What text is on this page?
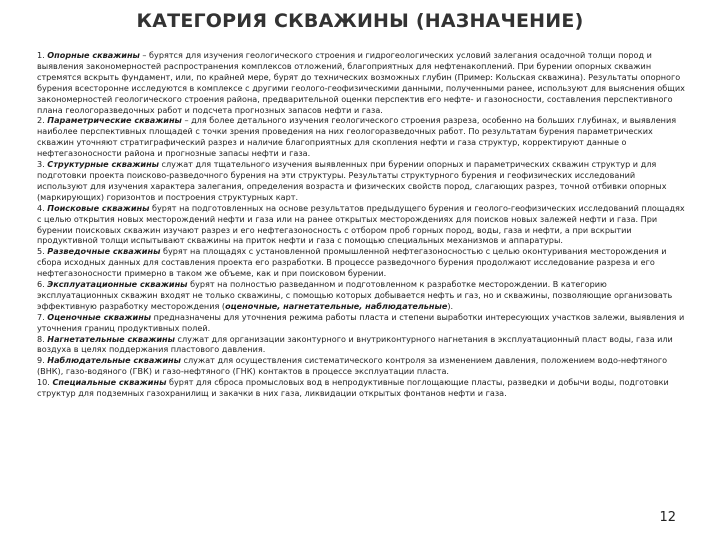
КАТЕГОРИЯ СКВАЖИНЫ (НАЗНАЧЕНИЕ)

1. Опорные скважины – бурятся для изучения геологического строения и гидрогеологических условий залегания осадочной толщи пород и выявления закономерностей распространения комплексов отложений, благоприятных для нефтенакоплений. При бурении опорных скважин стремятся вскрыть фундамент, или, по крайней мере, бурят до технических возможных глубин (Пример: Кольская скважина). Результаты опорного бурения всесторонне исследуются в комплексе с другими геолого-геофизическими данными, полученными ранее, используют для выяснения общих закономерностей геологического строения района, предварительной оценки перспектив его нефте- и газоносности, составления перспективного плана геологоразведочных работ и подсчета прогнозных запасов нефти и газа.

2. Параметрические скважины – для более детального изучения геологического строения разреза, особенно на больших глубинах, и выявления наиболее перспективных площадей с точки зрения проведения на них геологоразведочных работ. По результатам бурения параметрических скважин уточняют стратиграфический разрез и наличие благоприятных для скопления нефти и газа структур, корректируют данные о нефтегазоносности района и прогнозные запасы нефти и газа.

3. Структурные скважины служат для тщательного изучения выявленных при бурении опорных и параметрических скважин структур и для подготовки проекта поисково-разведочного бурения на эти структуры. Результаты структурного бурения и геофизических исследований используют для изучения характера залегания, определения возраста и физических свойств пород, слагающих разрез, точной отбивки опорных (маркирующих) горизонтов и построения структурных карт.

4. Поисковые скважины бурят на подготовленных на основе результатов предыдущего бурения и геолого-геофизических исследований площадях с целью открытия новых месторождений нефти и газа или на ранее открытых месторождениях для поисков новых залежей нефти и газа. При бурении поисковых скважин изучают разрез и его нефтегазоносность с отбором проб горных пород, воды, газа и нефти, а при вскрытии продуктивной толщи испытывают скважины на приток нефти и газа с помощью специальных механизмов и аппаратуры.

5. Разведочные скважины бурят на площадях с установленной промышленной нефтегазоносностью с целью оконтуривания месторождения и сбора исходных данных для составления проекта его разработки. В процессе разведочного бурения продолжают исследование разреза и его нефтегазоносности примерно в таком же объеме, как и при поисковом бурении.

6. Эксплуатационные скважины бурят на полностью разведанном и подготовленном к разработке месторождении. В категорию эксплуатационных скважин входят не только скважины, с помощью которых добывается нефть и газ, но и скважины, позволяющие организовать эффективную разработку месторождения (оценочные, нагнетательные, наблюдательные).

7. Оценочные скважины предназначены для уточнения режима работы пласта и степени выработки интересующих участков залежи, выявления и уточнения границ продуктивных полей.

8. Нагнетательные скважины служат для организации законтурного и внутриконтурного нагнетания в эксплуатационный пласт воды, газа или воздуха в целях поддержания пластового давления.

9. Наблюдательные скважины служат для осуществления систематического контроля за изменением давления, положением водо-нефтяного (ВНК), газо-водяного (ГВК) и газо-нефтяного (ГНК) контактов в процессе эксплуатации пласта.

10. Специальные скважины бурят для сброса промысловых вод в непродуктивные поглощающие пласты, разведки и добычи воды, подготовки структур для подземных газохранилищ и закачки в них газа, ликвидации открытых фонтанов нефти и газа.

12
